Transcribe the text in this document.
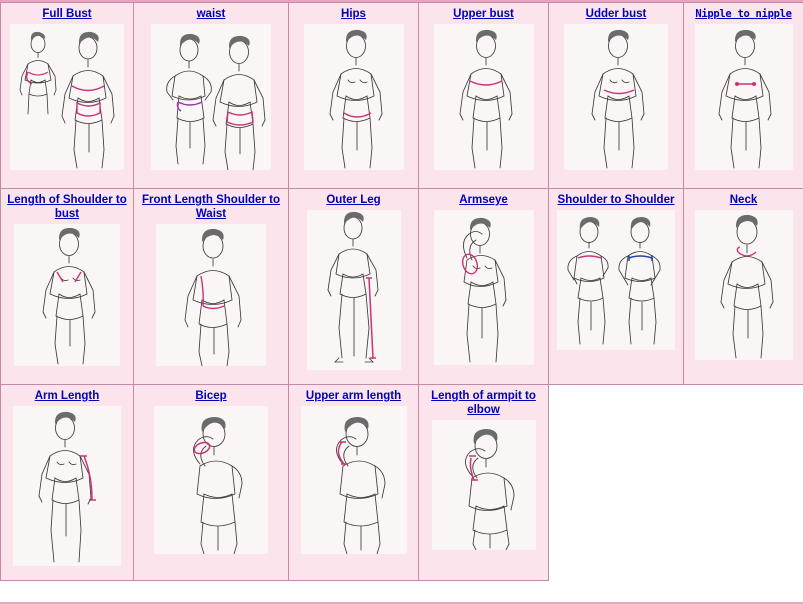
Full Bust	waist	Hips	Upper bust	Udder bust	Nipple to nipple

Length of Shoulder to bust	Front Length Shoulder to Waist	Outer Leg	Armseye	Shoulder to Shoulder	Neck

Arm Length	Bicep	Upper arm length	Length of armpit to elbow		
